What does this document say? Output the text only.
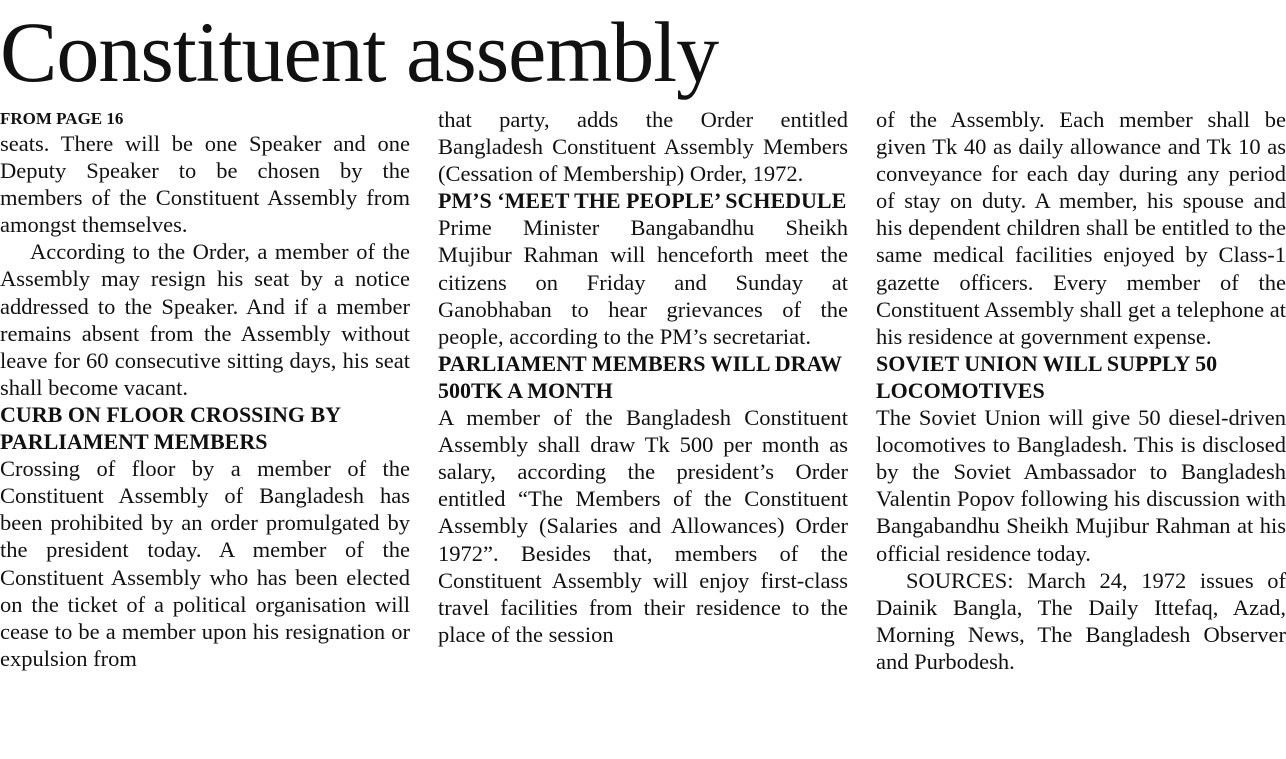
Constituent assembly

FROM PAGE 16

seats. There will be one Speaker and one Deputy Speaker to be chosen by the members of the Constituent Assembly from amongst themselves.

According to the Order, a member of the Assembly may resign his seat by a notice addressed to the Speaker. And if a member remains absent from the Assembly without leave for 60 consecutive sitting days, his seat shall become vacant.

CURB ON FLOOR CROSSING BY PARLIAMENT MEMBERS

Crossing of floor by a member of the Constituent Assembly of Bangladesh has been prohibited by an order promulgated by the president today. A member of the Constituent Assembly who has been elected on the ticket of a political organisation will cease to be a member upon his resignation or expulsion from

that party, adds the Order entitled Bangladesh Constituent Assembly Members (Cessation of Membership) Order, 1972.

PM’S ‘MEET THE PEOPLE’ SCHEDULE

Prime Minister Bangabandhu Sheikh Mujibur Rahman will henceforth meet the citizens on Friday and Sunday at Ganobhaban to hear grievances of the people, according to the PM’s secretariat.

PARLIAMENT MEMBERS WILL DRAW 500TK A MONTH

A member of the Bangladesh Constituent Assembly shall draw Tk 500 per month as salary, according the president’s Order entitled “The Members of the Constituent Assembly (Salaries and Allowances) Order 1972”. Besides that, members of the Constituent Assembly will enjoy first-class travel facilities from their residence to the place of the session

of the Assembly. Each member shall be given Tk 40 as daily allowance and Tk 10 as conveyance for each day during any period of stay on duty. A member, his spouse and his dependent children shall be entitled to the same medical facilities enjoyed by Class-1 gazette officers. Every member of the Constituent Assembly shall get a telephone at his residence at government expense.

SOVIET UNION WILL SUPPLY 50 LOCOMOTIVES

The Soviet Union will give 50 diesel-driven locomotives to Bangladesh. This is disclosed by the Soviet Ambassador to Bangladesh Valentin Popov following his discussion with Bangabandhu Sheikh Mujibur Rahman at his official residence today.

SOURCES: March 24, 1972 issues of Dainik Bangla, The Daily Ittefaq, Azad, Morning News, The Bangladesh Observer and Purbodesh.
